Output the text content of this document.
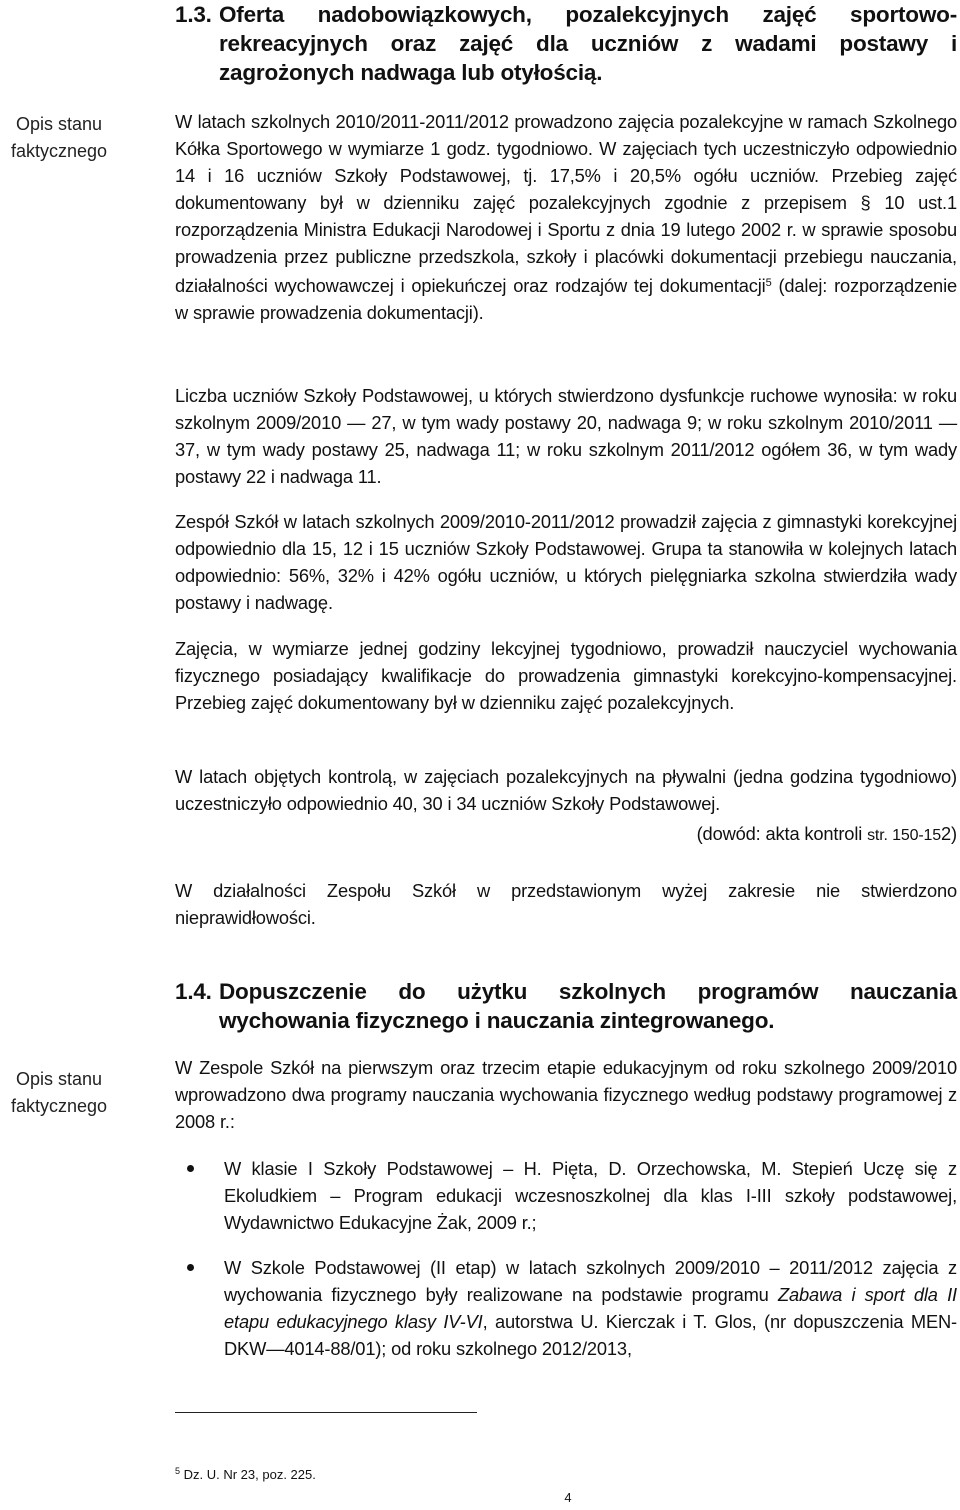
Opis stanu faktycznego
Opis stanu faktycznego
1.3. Oferta nadobowiązkowych, pozalekcyjnych zajęć sportowo-rekreacyjnych oraz zajęć dla uczniów z wadami postawy i zagrożonych nadwaga lub otyłością.
W latach szkolnych 2010/2011-2011/2012 prowadzono zajęcia pozalekcyjne w ramach Szkolnego Kółka Sportowego w wymiarze 1 godz. tygodniowo. W zajęciach tych uczestniczyło odpowiednio 14 i 16 uczniów Szkoły Podstawowej, tj. 17,5% i 20,5% ogółu uczniów. Przebieg zajęć dokumentowany był w dzienniku zajęć pozalekcyjnych zgodnie z przepisem § 10 ust.1 rozporządzenia Ministra Edukacji Narodowej i Sportu z dnia 19 lutego 2002 r. w sprawie sposobu prowadzenia przez publiczne przedszkola, szkoły i placówki dokumentacji przebiegu nauczania, działalności wychowawczej i opiekuńczej oraz rodzajów tej dokumentacji$^5$ (dalej: rozporządzenie w sprawie prowadzenia dokumentacji).
Liczba uczniów Szkoły Podstawowej, u których stwierdzono dysfunkcje ruchowe wynosiła: w roku szkolnym 2009/2010 — 27, w tym wady postawy 20, nadwaga 9; w roku szkolnym 2010/2011 — 37, w tym wady postawy 25, nadwaga 11; w roku szkolnym 2011/2012 ogółem 36, w tym wady postawy 22 i nadwaga 11.
Zespół Szkół w latach szkolnych 2009/2010-2011/2012 prowadził zajęcia z gimnastyki korekcyjnej odpowiednio dla 15, 12 i 15 uczniów Szkoły Podstawowej. Grupa ta stanowiła w kolejnych latach odpowiednio: 56%, 32% i 42% ogółu uczniów, u których pielęgniarka szkolna stwierdziła wady postawy i nadwagę.
Zajęcia, w wymiarze jednej godziny lekcyjnej tygodniowo, prowadził nauczyciel wychowania fizycznego posiadający kwalifikacje do prowadzenia gimnastyki korekcyjno-kompensacyjnej. Przebieg zajęć dokumentowany był w dzienniku zajęć pozalekcyjnych.
W latach objętych kontrolą, w zajęciach pozalekcyjnych na pływalni (jedna godzina tygodniowo) uczestniczyło odpowiednio 40, 30 i 34 uczniów Szkoły Podstawowej.
(dowód: akta kontroli str. 150-152)
W działalności Zespołu Szkół w przedstawionym wyżej zakresie nie stwierdzono nieprawidłowości.
1.4. Dopuszczenie do użytku szkolnych programów nauczania wychowania fizycznego i nauczania zintegrowanego.
W Zespole Szkół na pierwszym oraz trzecim etapie edukacyjnym od roku szkolnego 2009/2010 wprowadzono dwa programy nauczania wychowania fizycznego według podstawy programowej z 2008 r.:
W klasie I Szkoły Podstawowej – H. Pięta, D. Orzechowska, M. Stepień Uczę się z Ekoludkiem – Program edukacji wczesnoszkolnej dla klas I-III szkoły podstawowej, Wydawnictwo Edukacyjne Żak, 2009 r.;
W Szkole Podstawowej (II etap) w latach szkolnych 2009/2010 – 2011/2012 zajęcia z wychowania fizycznego były realizowane na podstawie programu Zabawa i sport dla II etapu edukacyjnego klasy IV-VI, autorstwa U. Kierczak i T. Glos, (nr dopuszczenia MEN-DKW—4014-88/01); od roku szkolnego 2012/2013,
$^5$ Dz. U. Nr 23, poz. 225.
4
